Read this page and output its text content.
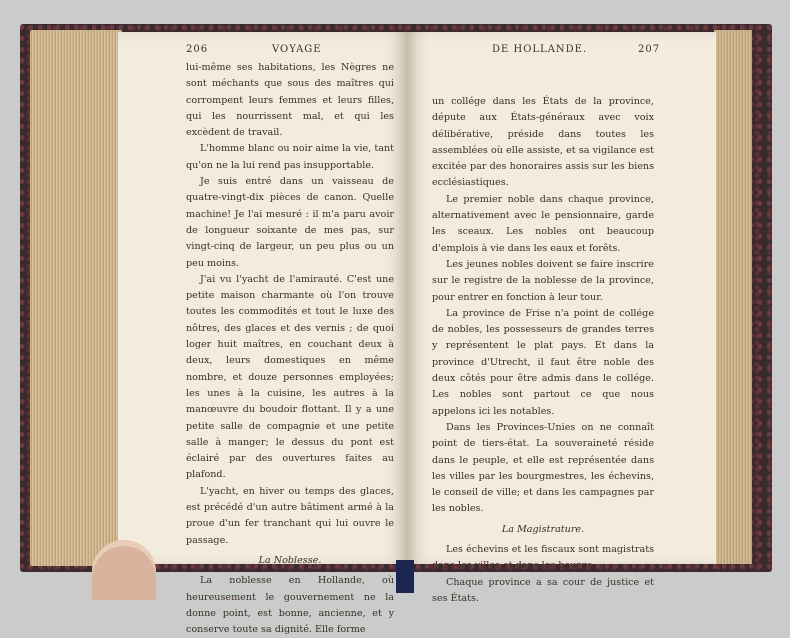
206	VOYAGE

lui-même ses habitations, les Nègres ne sont méchants que sous des maîtres qui corrompent leurs femmes et leurs filles, qui les nourrissent mal, et qui les excèdent de travail.

L'homme blanc ou noir aime la vie, tant qu'on ne la lui rend pas insupportable.

Je suis entré dans un vaisseau de quatre-vingt-dix pièces de canon. Quelle machine! Je l'ai mesuré : il m'a paru avoir de longueur soixante de mes pas, sur vingt-cinq de largeur, un peu plus ou un peu moins.

J'ai vu l'yacht de l'amirauté. C'est une petite maison charmante où l'on trouve toutes les commodités et tout le luxe des nôtres, des glaces et des vernis ; de quoi loger huit maîtres, en couchant deux à deux, leurs domestiques en même nombre, et douze personnes employées; les unes à la cuisine, les autres à la manœuvre du boudoir flottant. Il y a une petite salle de compagnie et une petite salle à manger; le dessus du pont est éclairé par des ouvertures faites au plafond.

L'yacht, en hiver ou temps des glaces, est précédé d'un autre bâtiment armé à la proue d'un fer tranchant qui lui ouvre le passage.

La Noblesse.

La noblesse en Hollande, où heureusement le gouvernement ne la donne point, est bonne, ancienne, et y conserve toute sa dignité. Elle forme

DE HOLLANDE.	207

un collége dans les États de la province, députe aux États-généraux avec voix délibérative, préside dans toutes les assemblées où elle assiste, et sa vigilance est excitée par des honoraires assis sur les biens ecclésiastiques.

Le premier noble dans chaque province, alternativement avec le pensionnaire, garde les sceaux. Les nobles ont beaucoup d'emplois à vie dans les eaux et forêts.

Les jeunes nobles doivent se faire inscrire sur le registre de la noblesse de la province, pour entrer en fonction à leur tour.

La province de Frise n'a point de collége de nobles, les possesseurs de grandes terres y représentent le plat pays. Et dans la province d'Utrecht, il faut être noble des deux côtés pour être admis dans le collége. Les nobles sont partout ce que nous appelons ici les notables.

Dans les Provinces-Unies on ne connaît point de tiers-état. La souveraineté réside dans le peuple, et elle est représentée dans les villes par les bourgmestres, les échevins, le conseil de ville; et dans les campagnes par les nobles.

La Magistrature.

Les échevins et les fiscaux sont magistrats dans les villes et dans les bourgs.

Chaque province a sa cour de justice et ses États.
